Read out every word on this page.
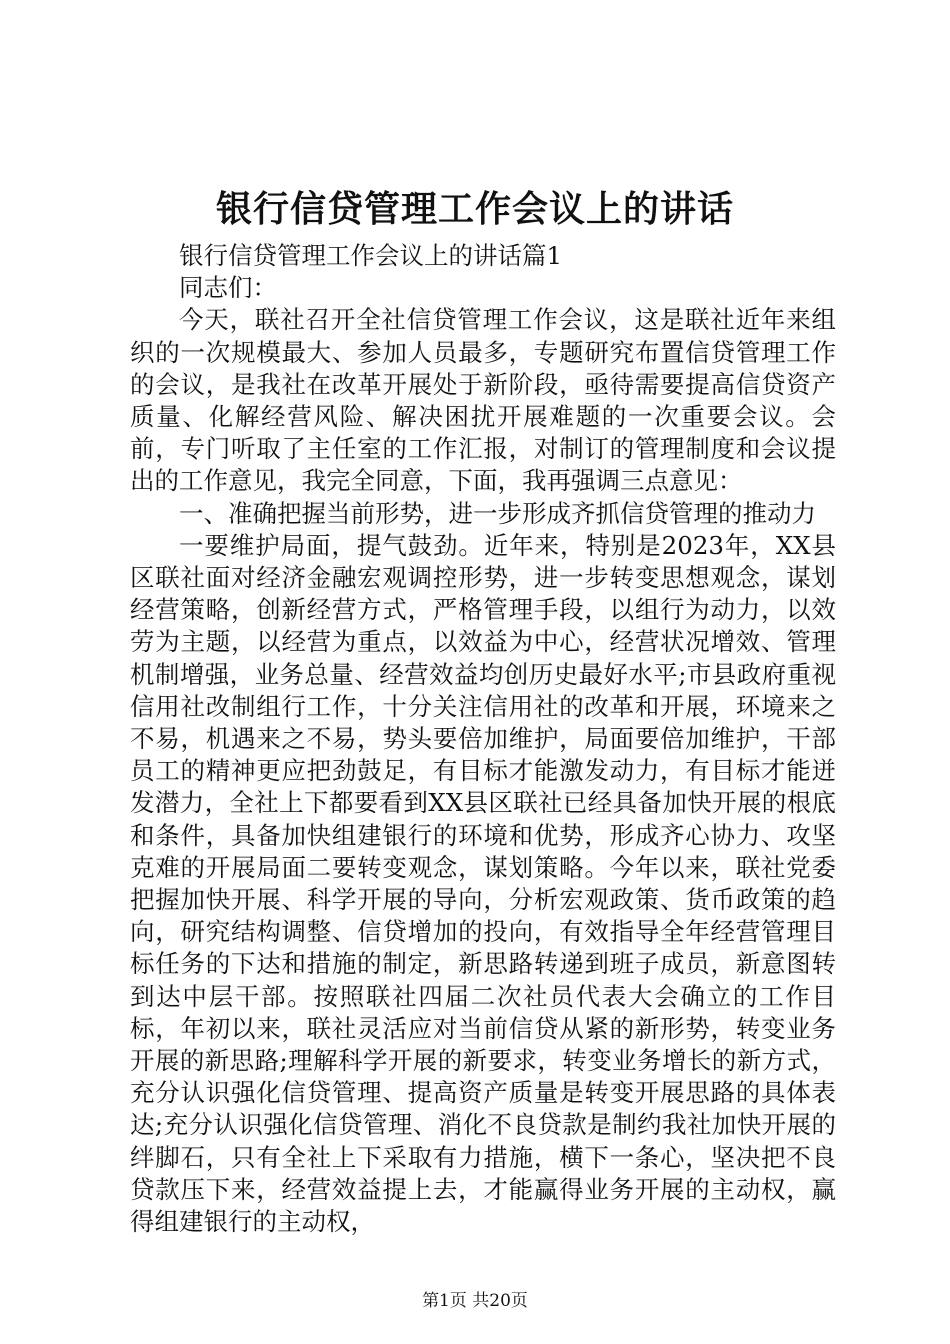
银行信贷管理工作会议上的讲话

银行信贷管理工作会议上的讲话篇1

同志们：

今天，联社召开全社信贷管理工作会议，这是联社近年来组织的一次规模最大、参加人员最多，专题研究布置信贷管理工作的会议，是我社在改革开展处于新阶段，亟待需要提高信贷资产质量、化解经营风险、解决困扰开展难题的一次重要会议。会前，专门听取了主任室的工作汇报，对制订的管理制度和会议提出的工作意见，我完全同意，下面，我再强调三点意见：

一、准确把握当前形势，进一步形成齐抓信贷管理的推动力

一要维护局面，提气鼓劲。近年来，特别是2023年，XX县区联社面对经济金融宏观调控形势，进一步转变思想观念，谋划经营策略，创新经营方式，严格管理手段，以组行为动力，以效劳为主题，以经营为重点，以效益为中心，经营状况增效、管理机制增强，业务总量、经营效益均创历史最好水平;市县政府重视信用社改制组行工作，十分关注信用社的改革和开展，环境来之不易，机遇来之不易，势头要倍加维护，局面要倍加维护，干部员工的精神更应把劲鼓足，有目标才能激发动力，有目标才能迸发潜力，全社上下都要看到XX县区联社已经具备加快开展的根底和条件，具备加快组建银行的环境和优势，形成齐心协力、攻坚克难的开展局面二要转变观念，谋划策略。今年以来，联社党委把握加快开展、科学开展的导向，分析宏观政策、货币政策的趋向，研究结构调整、信贷增加的投向，有效指导全年经营管理目标任务的下达和措施的制定，新思路转递到班子成员，新意图转到达中层干部。按照联社四届二次社员代表大会确立的工作目标，年初以来，联社灵活应对当前信贷从紧的新形势，转变业务开展的新思路;理解科学开展的新要求，转变业务增长的新方式，充分认识强化信贷管理、提高资产质量是转变开展思路的具体表达;充分认识强化信贷管理、消化不良贷款是制约我社加快开展的绊脚石，只有全社上下采取有力措施，横下一条心，坚决把不良贷款压下来，经营效益提上去，才能赢得业务开展的主动权，赢得组建银行的主动权，

第1页 共20页
